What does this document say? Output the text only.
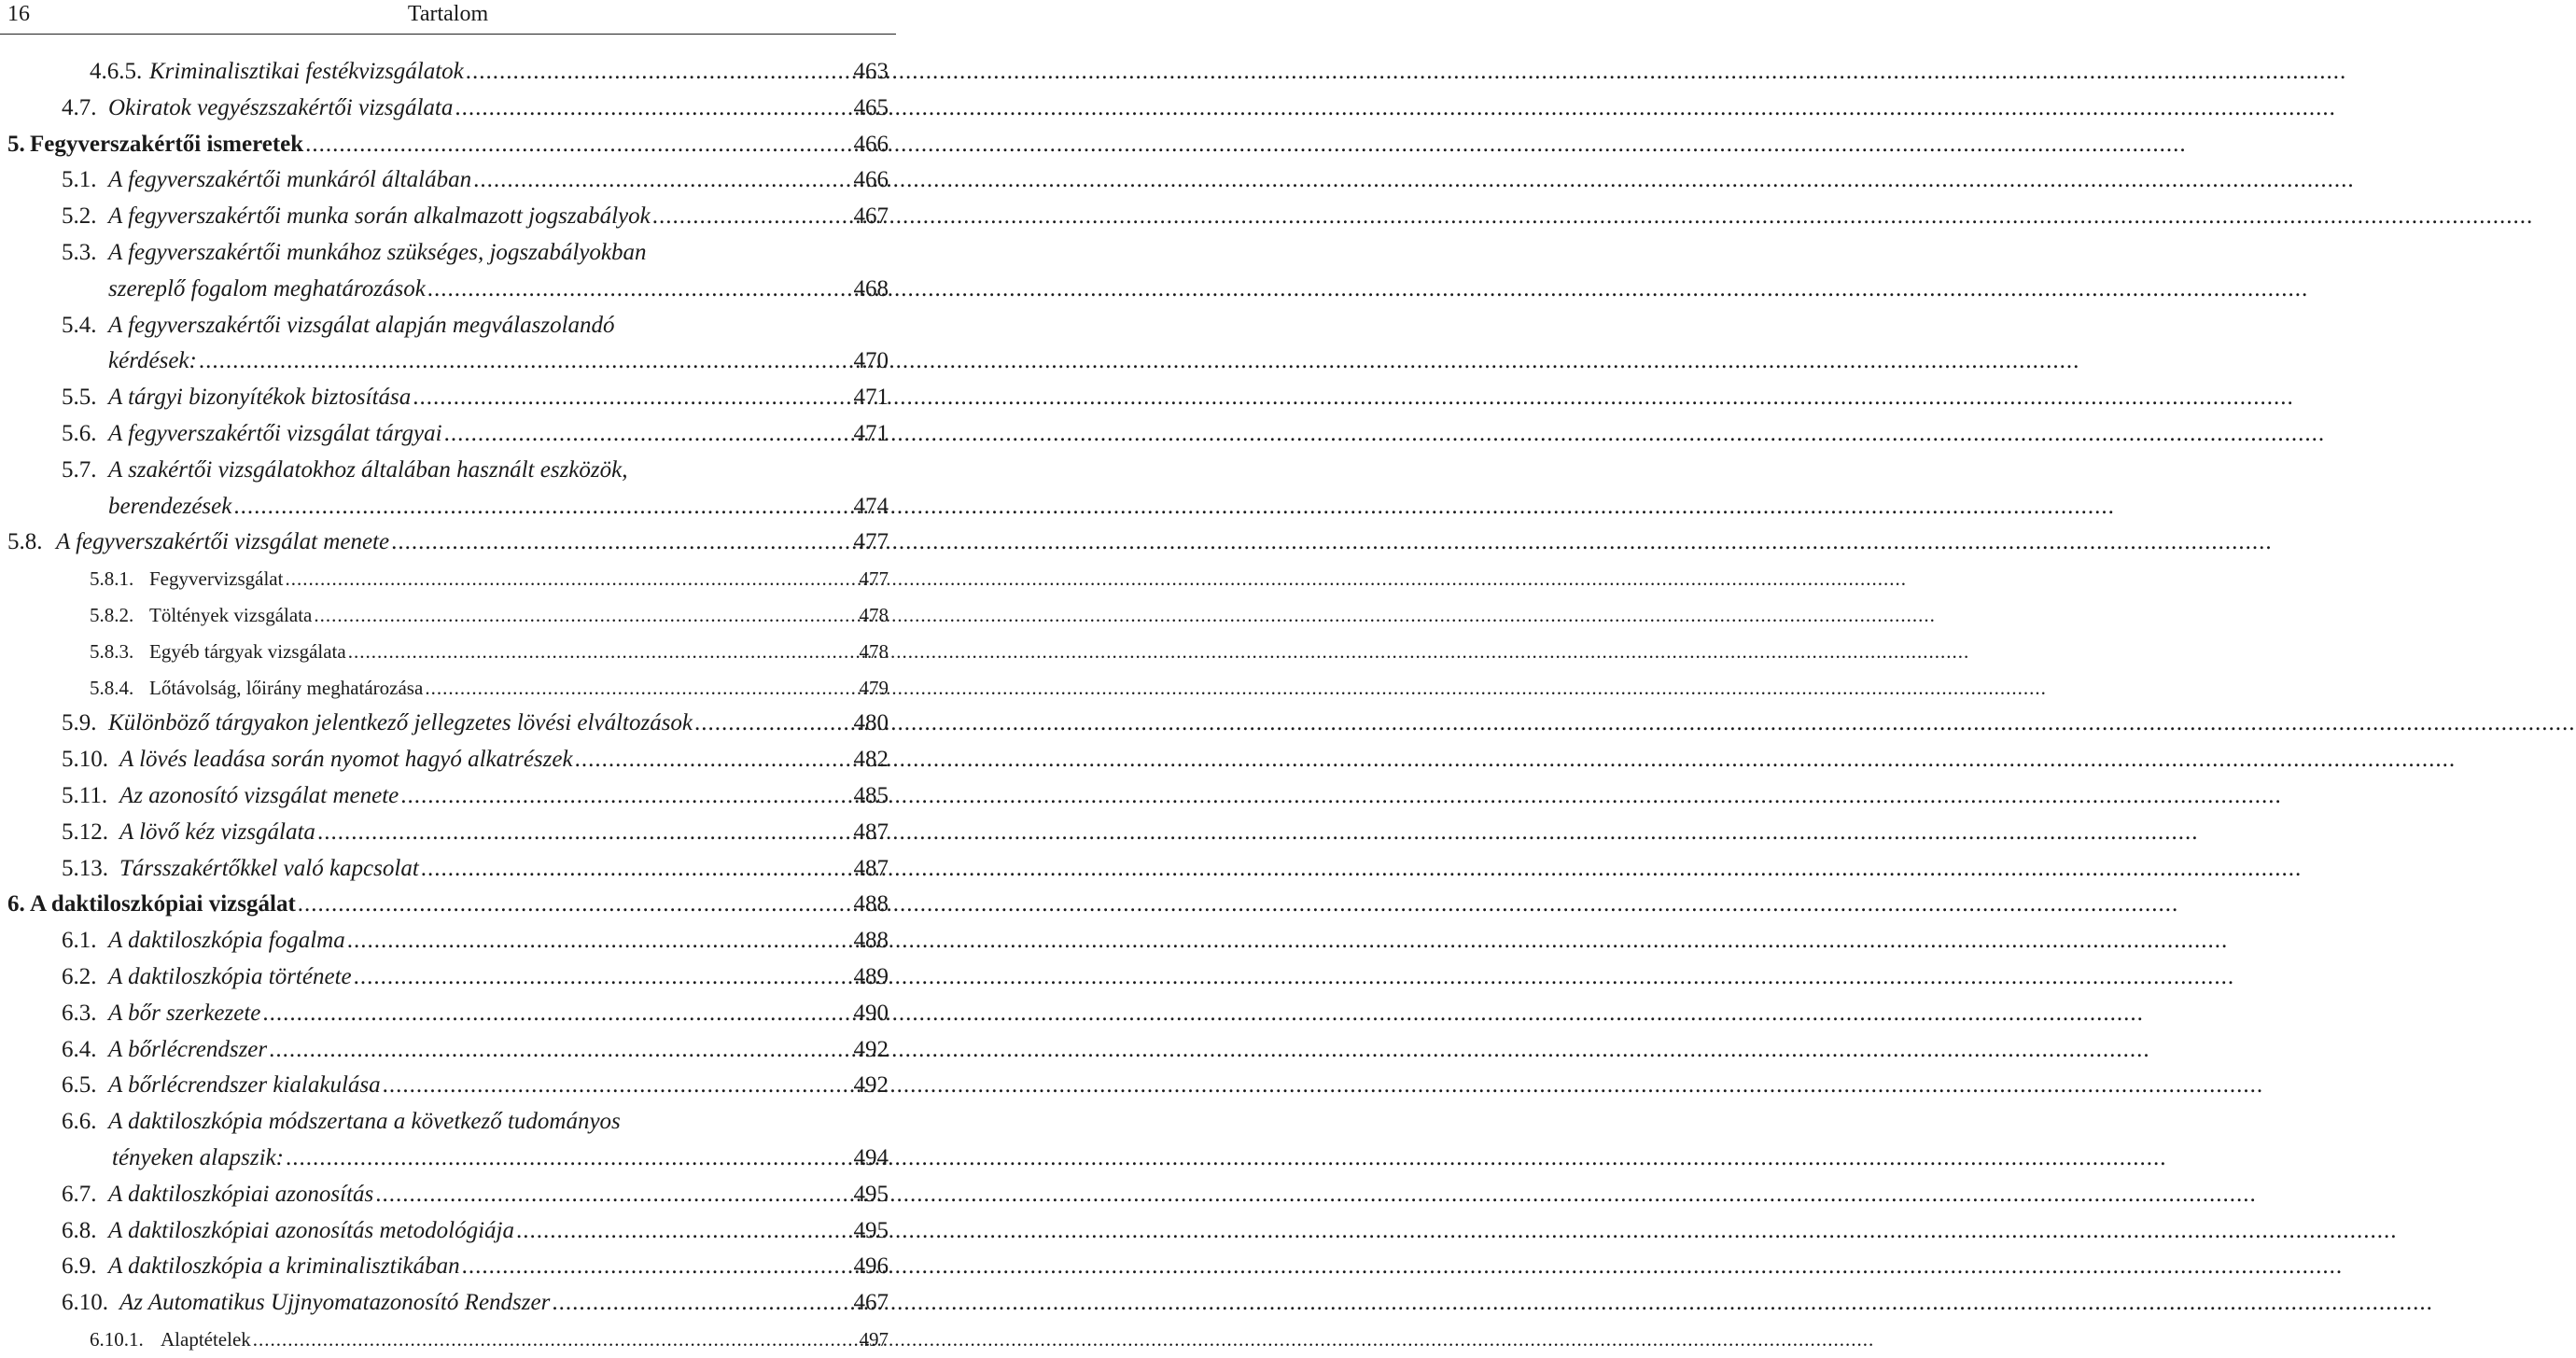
16	Tartalom
4.6.5. Kriminalisztikai festékvizsgálatok .....	463
4.7. Okiratok vegyészszakértői vizsgálata .....	465
5. Fegyverszakértői ismeretek .....	466
5.1. A fegyverszakértői munkáról általában .....	466
5.2. A fegyverszakértői munka során alkalmazott jogszabályok .....	467
5.3. A fegyverszakértői munkához szükséges, jogszabályokban
szereplő fogalom meghatározások .....	468
5.4. A fegyverszakértői vizsgálat alapján megválaszolandó
kérdések: .....	470
5.5. A tárgyi bizonyítékok biztosítása .....	471
5.6. A fegyverszakértői vizsgálat tárgyai .....	471
5.7. A szakértői vizsgálatokhoz általában használt eszközök,
berendezések .....	474
5.8. A fegyverszakértői vizsgálat menete .....	477
5.8.1. Fegyvervizsgálat .....	477
5.8.2. Töltények vizsgálata .....	478
5.8.3. Egyéb tárgyak vizsgálata .....	478
5.8.4. Lőtávolság, lőirány meghatározása .....	479
5.9. Különböző tárgyakon jelentkező jellegzetes lövési elváltozások .....	480
5.10. A lövés leadása során nyomot hagyó alkatrészek .....	482
5.11. Az azonosító vizsgálat menete .....	485
5.12. A lövő kéz vizsgálata .....	487
5.13. Társszakértőkkel való kapcsolat .....	487
6. A daktiloszkópiai vizsgálat .....	488
6.1. A daktiloszkópia fogalma .....	488
6.2. A daktiloszkópia története .....	489
6.3. A bőr szerkezete .....	490
6.4. A bőrlécrendszer .....	492
6.5. A bőrlécrendszer kialakulása .....	492
6.6. A daktiloszkópia módszertana a következő tudományos
tényeken alapszik: .....	494
6.7. A daktiloszkópiai azonosítás .....	495
6.8. A daktiloszkópiai azonosítás metodológiája .....	495
6.9. A daktiloszkópia a kriminalisztikában .....	496
6.10. Az Automatikus Ujjnyomatazonosító Rendszer .....	467
6.10.1. Alaptételek .....	497
